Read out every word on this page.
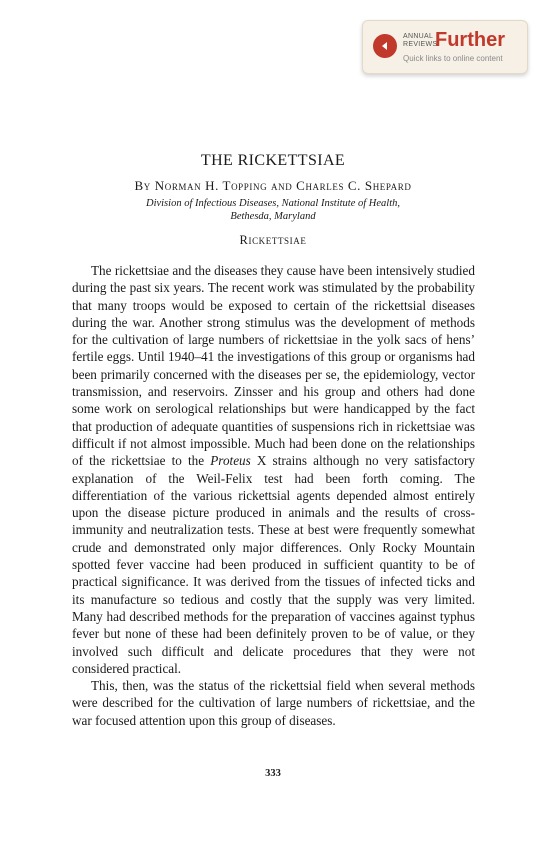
ANNUAL
REVIEWS
Further
Quick links to online content
THE RICKETTSIAE
By Norman H. Topping and Charles C. Shepard
Division of Infectious Diseases, National Institute of Health,
Bethesda, Maryland
Rickettsiae

The rickettsiae and the diseases they cause have been intensively studied during the past six years. The recent work was stimulated by the probability that many troops would be exposed to certain of the rickettsial diseases during the war. Another strong stimulus was the development of methods for the cultivation of large numbers of rickettsiae in the yolk sacs of hens’ fertile eggs. Until 1940–41 the investigations of this group or organisms had been primarily concerned with the diseases per se, the epidemiology, vector transmission, and reservoirs. Zinsser and his group and others had done some work on serological relationships but were handicapped by the fact that production of adequate quantities of suspensions rich in rickettsiae was difficult if not almost impossible. Much had been done on the relationships of the rickettsiae to the Proteus X strains although no very satisfactory explanation of the Weil-Felix test had been forth coming. The differentiation of the various rickettsial agents depended almost entirely upon the disease picture produced in animals and the results of cross-immunity and neutralization tests. These at best were frequently somewhat crude and demonstrated only major differences. Only Rocky Mountain spotted fever vaccine had been produced in sufficient quantity to be of practical significance. It was derived from the tissues of infected ticks and its manufacture so tedious and costly that the supply was very limited. Many had described methods for the preparation of vaccines against typhus fever but none of these had been definitely proven to be of value, or they involved such difficult and delicate procedures that they were not considered practical.

This, then, was the status of the rickettsial field when several methods were described for the cultivation of large numbers of rickettsiae, and the war focused attention upon this group of diseases.

333
